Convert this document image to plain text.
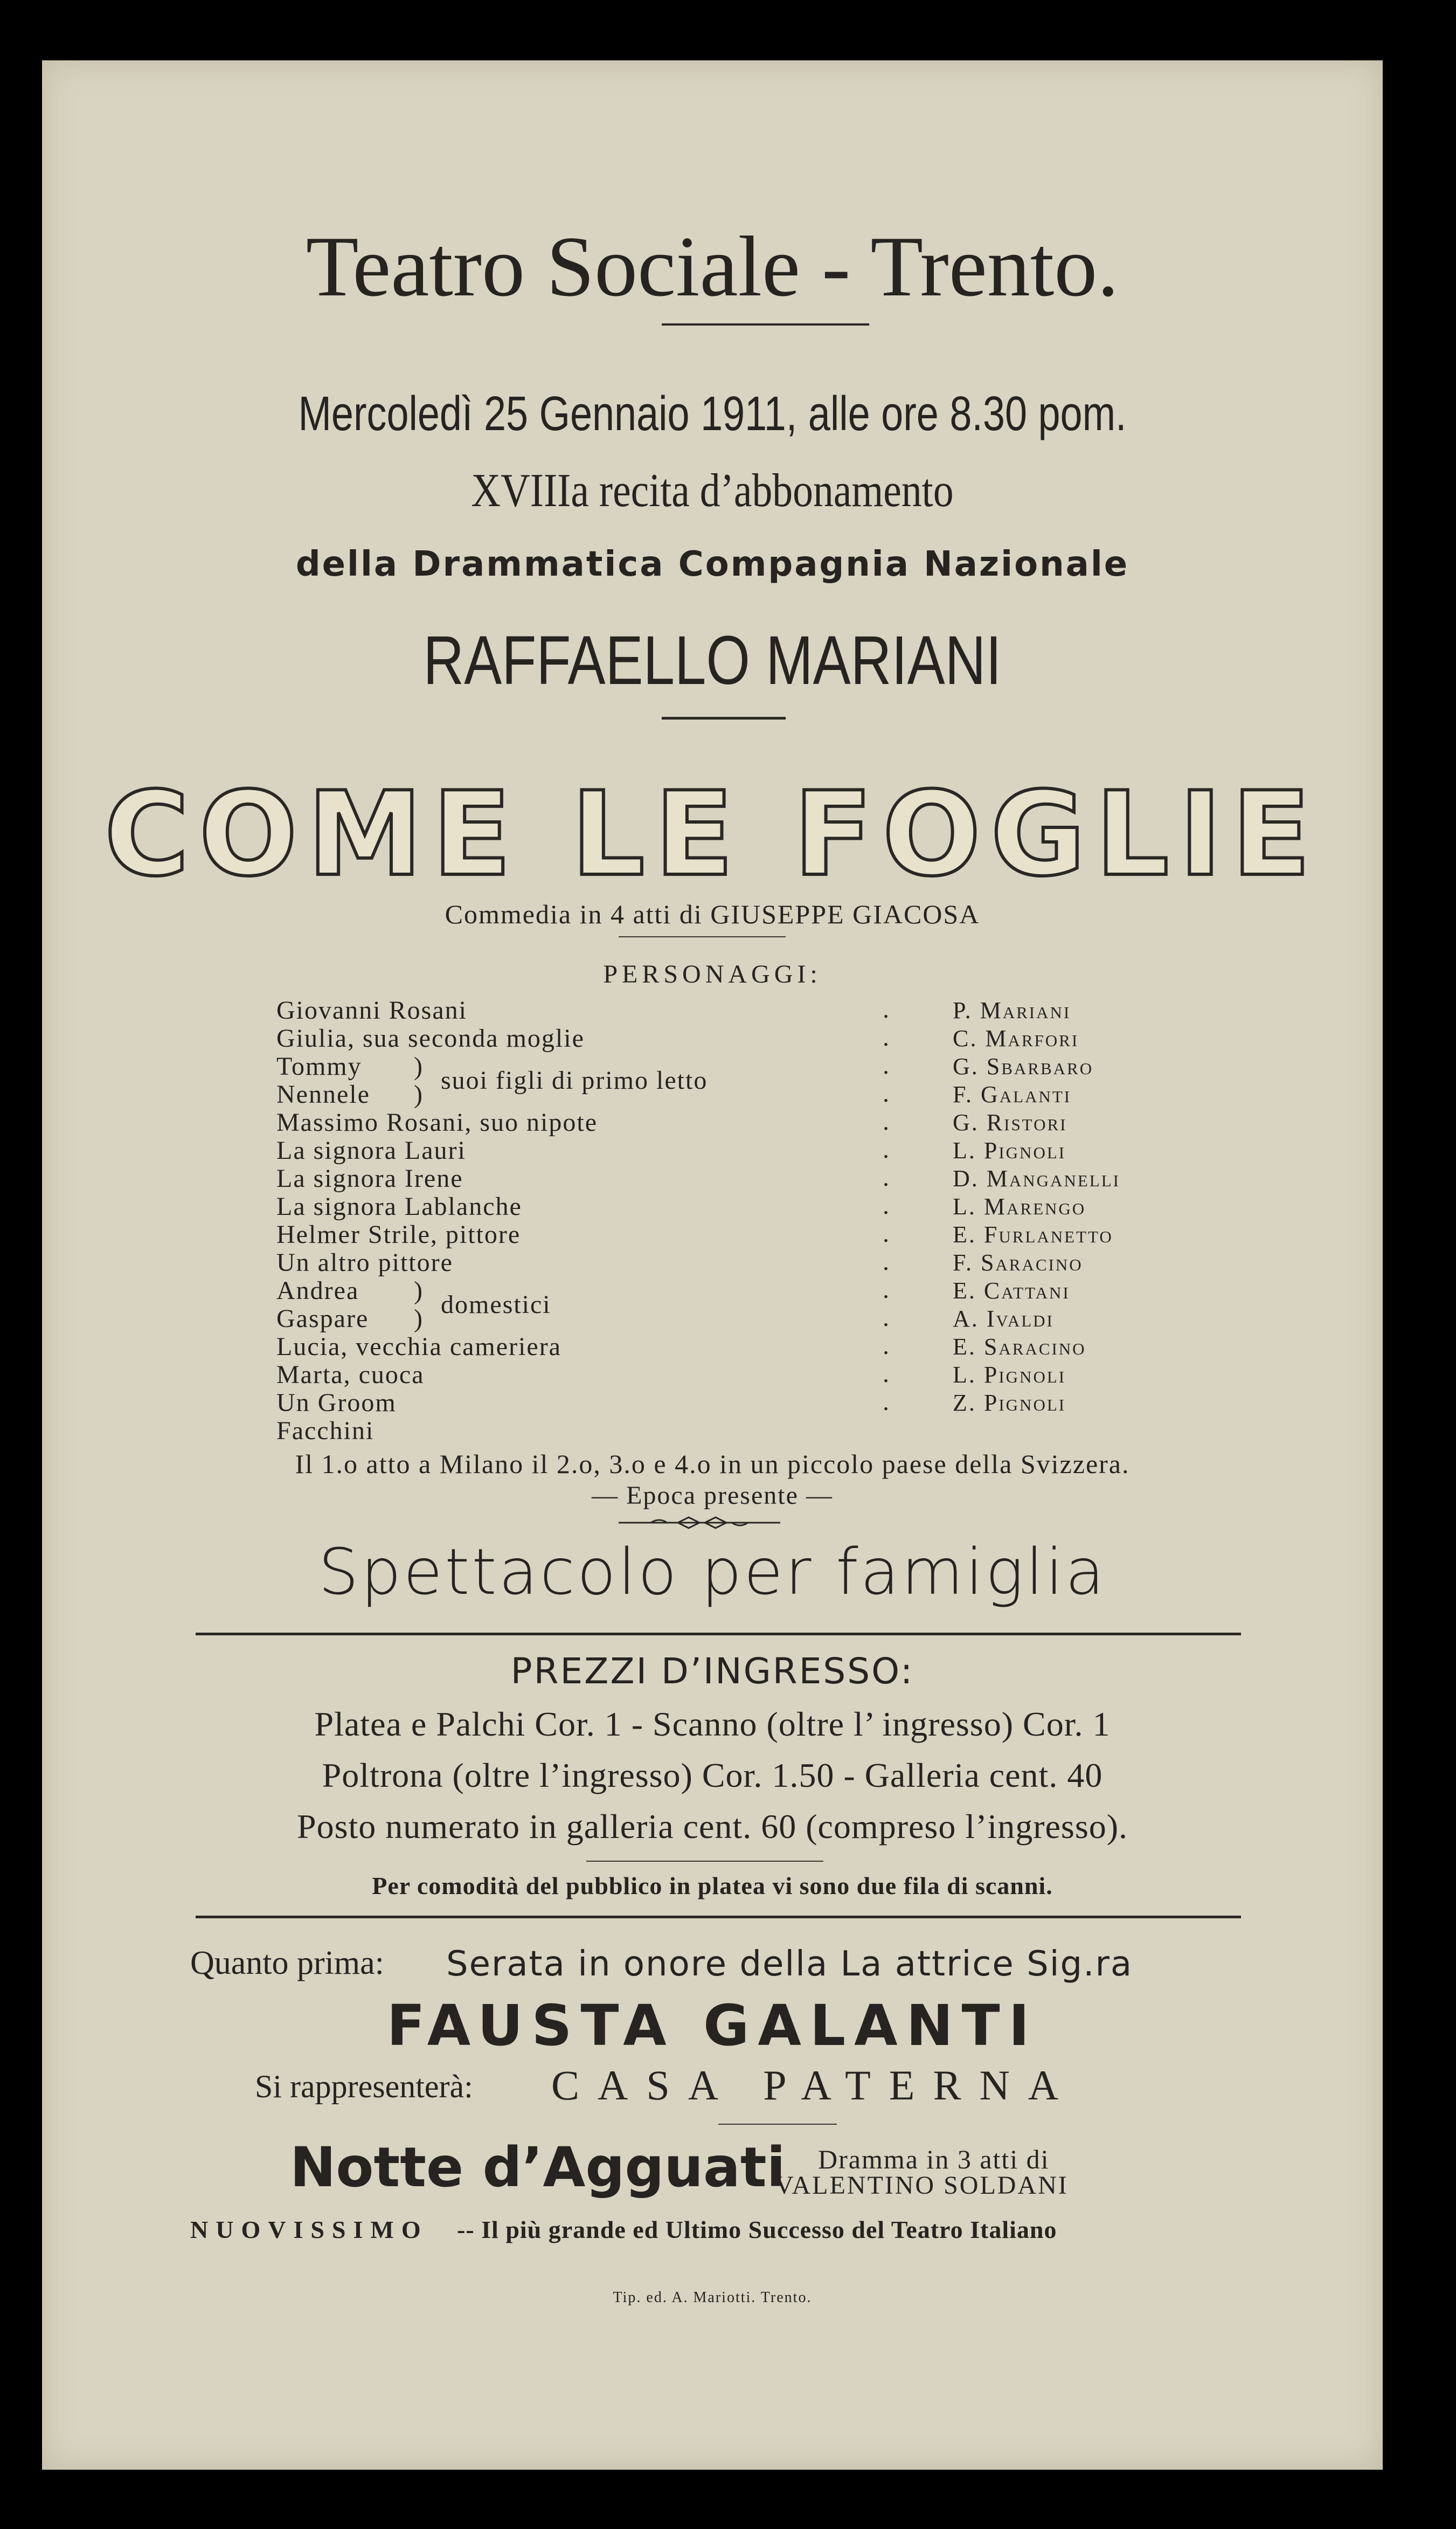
Teatro Sociale - Trento.
Mercoledì 25 Gennaio 1911, alle ore 8.30 pom.
XVIIIa recita d’abbonamento
della Drammatica Compagnia Nazionale
RAFFAELLO MARIANI
COME LE FOGLIE
Commedia in 4 atti di GIUSEPPE GIACOSA
PERSONAGGI:
Giovanni Rosani
Giulia, sua seconda moglie
Tommy
Nennele
Massimo Rosani, suo nipote
La signora Lauri
La signora Irene
La signora Lablanche
Helmer Strile, pittore
Un altro pittore
Andrea
Gaspare
Lucia, vecchia cameriera
Marta, cuoca
Un Groom
Facchini
)
) suoi figli di primo letto
)
) domestici
.
.
.
.
.
.
.
.
.
.
.
.
.
.
.
P. Mariani
C. Marfori
G. Sbarbaro
F. Galanti
G. Ristori
L. Pignoli
D. Manganelli
L. Marengo
E. Furlanetto
F. Saracino
E. Cattani
A. Ivaldi
E. Saracino
L. Pignoli
Z. Pignoli
Il 1.o atto a Milano il 2.o, 3.o e 4.o in un piccolo paese della Svizzera.
— Epoca presente —
Spettacolo per famiglia
PREZZI D’INGRESSO:
Platea e Palchi Cor. 1 - Scanno (oltre l’ ingresso) Cor. 1
Poltrona (oltre l’ingresso) Cor. 1.50 - Galleria cent. 40
Posto numerato in galleria cent. 60 (compreso l’ingresso).
Per comodità del pubblico in platea vi sono due fila di scanni.
Quanto prima: Serata in onore della La attrice Sig.ra
FAUSTA GALANTI
Si rappresenterà: CASA PATERNA
Notte d’Agguati Dramma in 3 atti di
VALENTINO SOLDANI
NUOVISSIMO -- Il più grande ed Ultimo Successo del Teatro Italiano
Tip. ed. A. Mariotti. Trento.
